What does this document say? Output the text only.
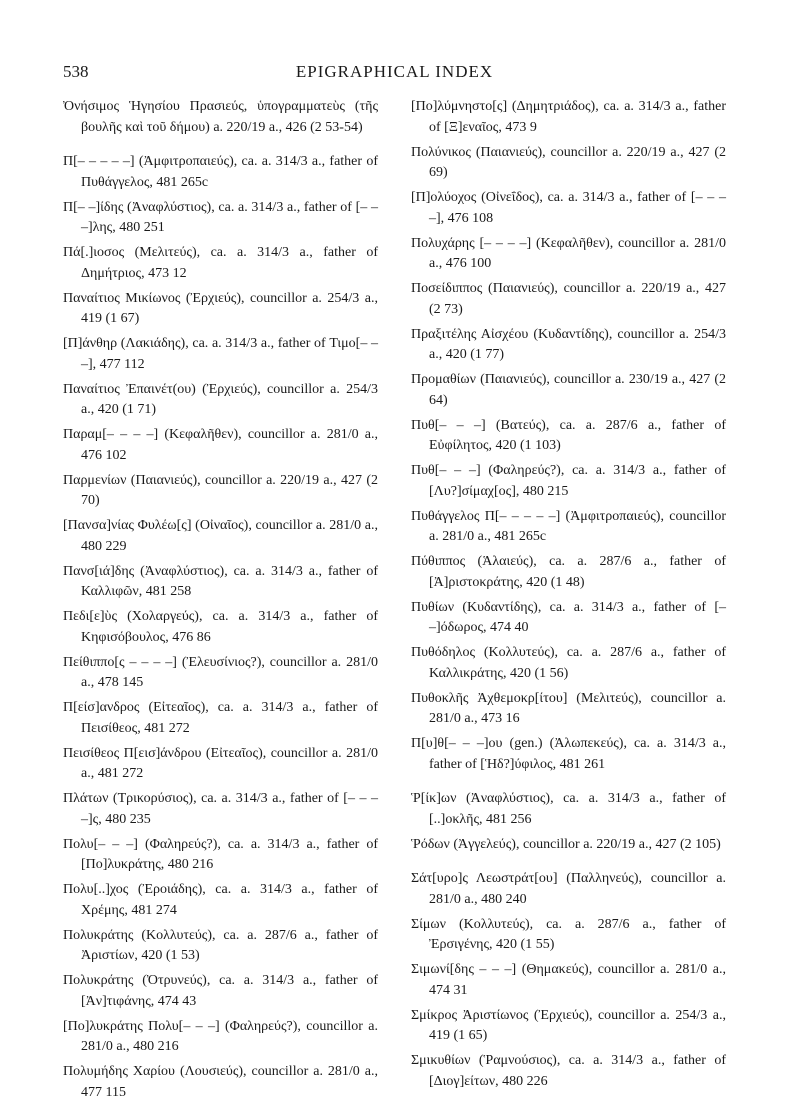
538	EPIGRAPHICAL INDEX

Ὀνήσιμος Ἡγησίου Πρασιεύς, ὑπογραμματεὺς (τῆς βουλῆς καὶ τοῦ δήμου) a. 220/19 a., 426 (2 53-54)

Π[– – – – –] (Ἀμφιτροπαιεύς), ca. a. 314/3 a., father of Πυθάγγελος, 481 265c

Π[– –]ίδης (Ἀναφλύστιος), ca. a. 314/3 a., father of [– – –]λης, 480 251

Πά[.]ιοσος (Μελιτεύς), ca. a. 314/3 a., father of Δημήτριος, 473 12

Παναίτιος Μικίωνος (Ἐρχιεύς), councillor a. 254/3 a., 419 (1 67)

[Π]άνθηρ (Λακιάδης), ca. a. 314/3 a., father of Τιμο[– – –], 477 112

Παναίτιος Ἐπαινέτ(ου) (Ἐρχιεύς), councillor a. 254/3 a., 420 (1 71)

Παραμ[– – – –] (Κεφαλῆθεν), councillor a. 281/0 a., 476 102

Παρμενίων (Παιανιεύς), councillor a. 220/19 a., 427 (2 70)

[Πανσα]νίας Φυλέω[ς] (Οἰναῖος), councillor a. 281/0 a., 480 229

Πανσ[ιά]δης (Ἀναφλύστιος), ca. a. 314/3 a., father of Καλλιφῶν, 481 258

Πεδι[ε]ὺς (Χολαργεύς), ca. a. 314/3 a., father of Κηφισόβουλος, 476 86

Πείθιππο[ς – – – –] (Ἐλευσίνιος?), councillor a. 281/0 a., 478 145

Π[είσ]ανδρος (Εἰτεαῖος), ca. a. 314/3 a., father of Πεισίθεος, 481 272

Πεισίθεος Π[εισ]άνδρου (Εἰτεαῖος), councillor a. 281/0 a., 481 272

Πλάτων (Τρικορύσιος), ca. a. 314/3 a., father of [– – – –]ς, 480 235

Πολυ[– – –] (Φαληρεύς?), ca. a. 314/3 a., father of [Πο]λυκράτης, 480 216

Πολυ[..]χος (Ἐροιάδης), ca. a. 314/3 a., father of Χρέμης, 481 274

Πολυκράτης (Κολλυτεύς), ca. a. 287/6 a., father of Ἀριστίων, 420 (1 53)

Πολυκράτης (Ὀτρυνεύς), ca. a. 314/3 a., father of [Ἀν]τιφάνης, 474 43

[Πο]λυκράτης Πολυ[– – –] (Φαληρεύς?), councillor a. 281/0 a., 480 216

Πολυμήδης Χαρίου (Λουσιεύς), councillor a. 281/0 a., 477 115

[Πο]λύμνηστο[ς] (Δημητριάδος), ca. a. 314/3 a., father of [Ξ]εναῖος, 473 9

Πολύνικος (Παιανιεύς), councillor a. 220/19 a., 427 (2 69)

[Π]ολύοχος (Οἰνεΐδος), ca. a. 314/3 a., father of [– – – –], 476 108

Πολυχάρης [– – – –] (Κεφαλῆθεν), councillor a. 281/0 a., 476 100

Ποσείδιππος (Παιανιεύς), councillor a. 220/19 a., 427 (2 73)

Πραξιτέλης Αἰσχέου (Κυδαντίδης), councillor a. 254/3 a., 420 (1 77)

Προμαθίων (Παιανιεύς), councillor a. 230/19 a., 427 (2 64)

Πυθ[– – –] (Βατεύς), ca. a. 287/6 a., father of Εὐφίλητος, 420 (1 103)

Πυθ[– – –] (Φαληρεύς?), ca. a. 314/3 a., father of [Λυ?]σίμαχ[ος], 480 215

Πυθάγγελος Π[– – – – –] (Ἀμφιτροπαιεύς), councillor a. 281/0 a., 481 265c

Πύθιππος (Ἁλαιεύς), ca. a. 287/6 a., father of [Ἀ]ριστοκράτης, 420 (1 48)

Πυθίων (Κυδαντίδης), ca. a. 314/3 a., father of [– –]όδωρος, 474 40

Πυθόδηλος (Κολλυτεύς), ca. a. 287/6 a., father of Καλλικράτης, 420 (1 56)

Πυθοκλῆς Ἀχθεμοκρ[ίτου] (Μελιτεύς), councillor a. 281/0 a., 473 16

Π[υ]θ[– – –]ου (gen.) (Ἀλωπεκεύς), ca. a. 314/3 a., father of [Ἡδ?]ύφιλος, 481 261

Ῥ[ίκ]ων (Ἀναφλύστιος), ca. a. 314/3 a., father of [..]οκλῆς, 481 256

Ῥόδων (Ἀγγελεύς), councillor a. 220/19 a., 427 (2 105)

Σάτ[υρο]ς Λεωστράτ[ου] (Παλληνεύς), councillor a. 281/0 a., 480 240

Σίμων (Κολλυτεύς), ca. a. 287/6 a., father of Ἐρσιγένης, 420 (1 55)

Σιμωνί[δης – – –] (Θημακεύς), councillor a. 281/0 a., 474 31

Σμίκρος Ἀριστίωνος (Ἐρχιεύς), councillor a. 254/3 a., 419 (1 65)

Σμικυθίων (Ῥαμνούσιος), ca. a. 314/3 a., father of [Διογ]είτων, 480 226
